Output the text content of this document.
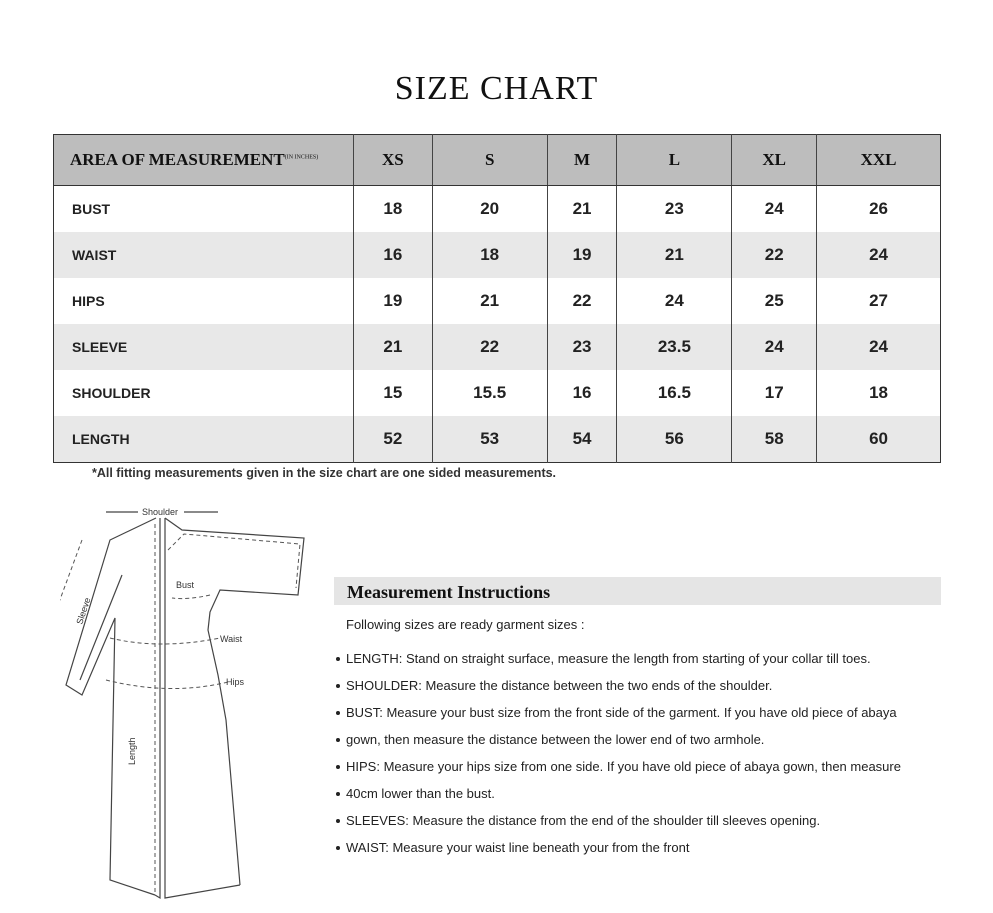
SIZE CHART
AREA OF $MEASUREMENT^{(IN INCHES)}$	XS	S	M	L	XL	XXL
BUST	18	20	21	23	24	26
WAIST	16	18	19	21	22	24
HIPS	19	21	22	24	25	27
SLEEVE	21	22	23	23.5	24	24
SHOULDER	15	15.5	16	16.5	17	18
LENGTH	52	53	54	56	58	60
*All fitting measurements given in the size chart are one sided measurements.
Shoulder
Bust
Waist
Hips
Sleeve
Length
Measurement Instructions
Following sizes are ready garment sizes :
LENGTH: Stand on straight surface, measure the length from starting of your collar till toes.
SHOULDER: Measure the distance between the two ends of the shoulder.
BUST: Measure your bust size from the front side of the garment. If you have old piece of abaya
gown, then measure the distance between the lower end of two armhole.
HIPS: Measure your hips size from one side. If you have old piece of abaya gown, then measure
40cm lower than the bust.
SLEEVES: Measure the distance from the end of the shoulder till sleeves opening.
WAIST: Measure your waist line beneath your from the front
